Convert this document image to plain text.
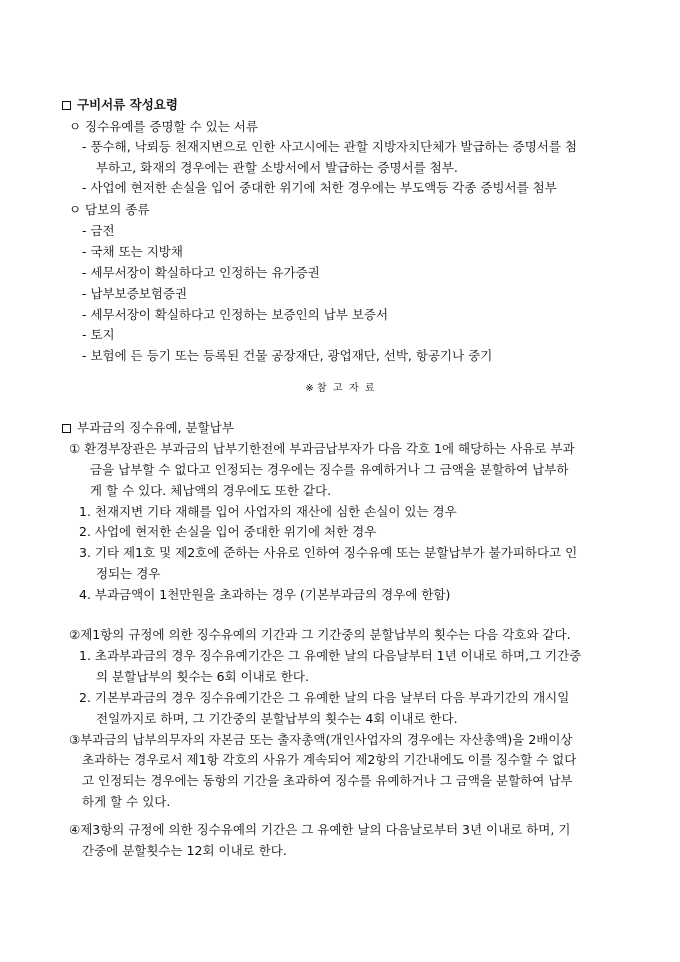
구비서류 작성요령
ㅇ 징수유예를 증명할 수 있는 서류
- 풍수해, 낙뢰등 천재지변으로 인한 사고시에는 관할 지방자치단체가 발급하는 증명서를 첨
부하고, 화재의 경우에는 관할 소방서에서 발급하는 증명서를 첨부.
- 사업에 현저한 손실을 입어 중대한 위기에 처한 경우에는 부도액등 각종 증빙서를 첨부
ㅇ 담보의 종류
- 금전
- 국채 또는 지방채
- 세무서장이 확실하다고 인정하는 유가증권
- 납부보증보험증권
- 세무서장이 확실하다고 인정하는 보증인의 납부 보증서
- 토지
- 보험에 든 등기 또는 등록된 건물 공장재단, 광업재단, 선박, 항공기나 중기
※ 참  고  자  료
부과금의 징수유예, 분할납부
① 환경부장관은 부과금의 납부기한전에 부과금납부자가 다음 각호 1에 해당하는 사유로 부과
금을 납부할 수 없다고 인정되는 경우에는 징수를 유예하거나 그 금액을 분할하여 납부하
게 할 수 있다. 체납액의 경우에도 또한 같다.
1. 천재지변 기타 재해를 입어 사업자의 재산에 심한 손실이 있는 경우
2. 사업에 현저한 손실을 입어 중대한 위기에 처한 경우
3. 기타 제1호 및 제2호에 준하는 사유로 인하여 징수유예 또는 분할납부가 불가피하다고 인
정되는 경우
4. 부과금액이 1천만원을 초과하는 경우 (기본부과금의 경우에 한함)
②제1항의 규정에 의한 징수유예의 기간과 그 기간중의 분할납부의 횟수는 다음 각호와 같다.
1. 초과부과금의 경우 징수유예기간은 그 유예한 날의 다음날부터 1년 이내로 하며,그 기간중
의 분할납부의 횟수는 6회 이내로 한다.
2. 기본부과금의 경우 징수유예기간은 그 유예한 날의 다음 날부터 다음 부과기간의 개시일
전일까지로 하며, 그 기간중의 분할납부의 횟수는 4회 이내로 한다.
③부과금의 납부의무자의 자본금 또는 출자총액(개인사업자의 경우에는 자산총액)을 2배이상
초과하는 경우로서 제1항 각호의 사유가 계속되어 제2항의 기간내에도 이를 징수할 수 없다
고 인정되는 경우에는 동항의 기간을 초과하여 징수를 유예하거나 그 금액을 분할하여 납부
하게 할 수 있다.
④제3항의 규정에 의한 징수유예의 기간은 그 유예한 날의 다음날로부터 3년 이내로 하며, 기
간중에 분할횟수는 12회 이내로 한다.
